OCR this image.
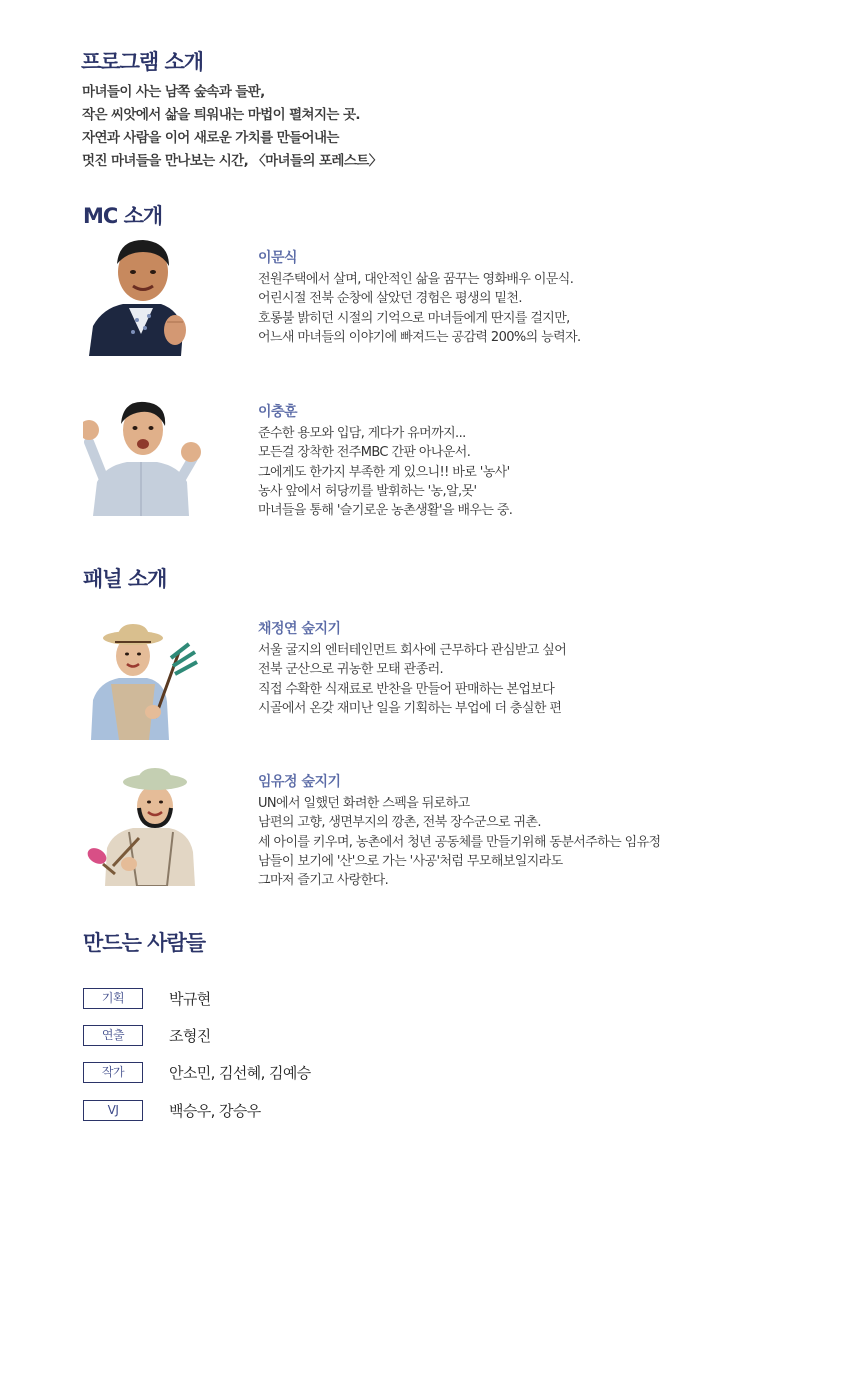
프로그램 소개
마녀들이 사는 남쪽 숲속과 들판,
작은 씨앗에서 삶을 틔워내는 마법이 펼쳐지는 곳.
자연과 사람을 이어 새로운 가치를 만들어내는
멋진 마녀들을 만나보는 시간, 〈마녀들의 포레스트〉
MC 소개
이문식
전원주택에서 살며, 대안적인 삶을 꿈꾸는 영화배우 이문식.
어린시절 전북 순창에 살았던 경험은 평생의 밑천.
호롱불 밝히던 시절의 기억으로 마녀들에게 딴지를 걸지만,
어느새 마녀들의 이야기에 빠져드는 공감력 200%의 능력자.
이충훈
준수한 용모와 입담, 게다가 유머까지...
모든걸 장착한 전주MBC 간판 아나운서.
그에게도 한가지 부족한 게 있으니!! 바로 '농사'
농사 앞에서 허당끼를 발휘하는 '농,알,못'
마녀들을 통해 '슬기로운 농촌생활'을 배우는 중.
패널 소개
채정연 숲지기
서울 굴지의 엔터테인먼트 회사에 근무하다 관심받고 싶어
전북 군산으로 귀농한 모태 관종러.
직접 수확한 식재료로 반찬을 만들어 판매하는 본업보다
시골에서 온갖 재미난 일을 기획하는 부업에 더 충실한 편
임유정 숲지기
UN에서 일했던 화려한 스펙을 뒤로하고
남편의 고향, 생면부지의 깡촌, 전북 장수군으로 귀촌.
세 아이를 키우며, 농촌에서 청년 공동체를 만들기위해 동분서주하는 임유정
남들이 보기에 '산'으로 가는 '사공'처럼 무모해보일지라도
그마저 즐기고 사랑한다.
만드는 사람들
기획	박규현
연출	조형진
작가	안소민, 김선혜, 김예승
VJ	백승우, 강승우
